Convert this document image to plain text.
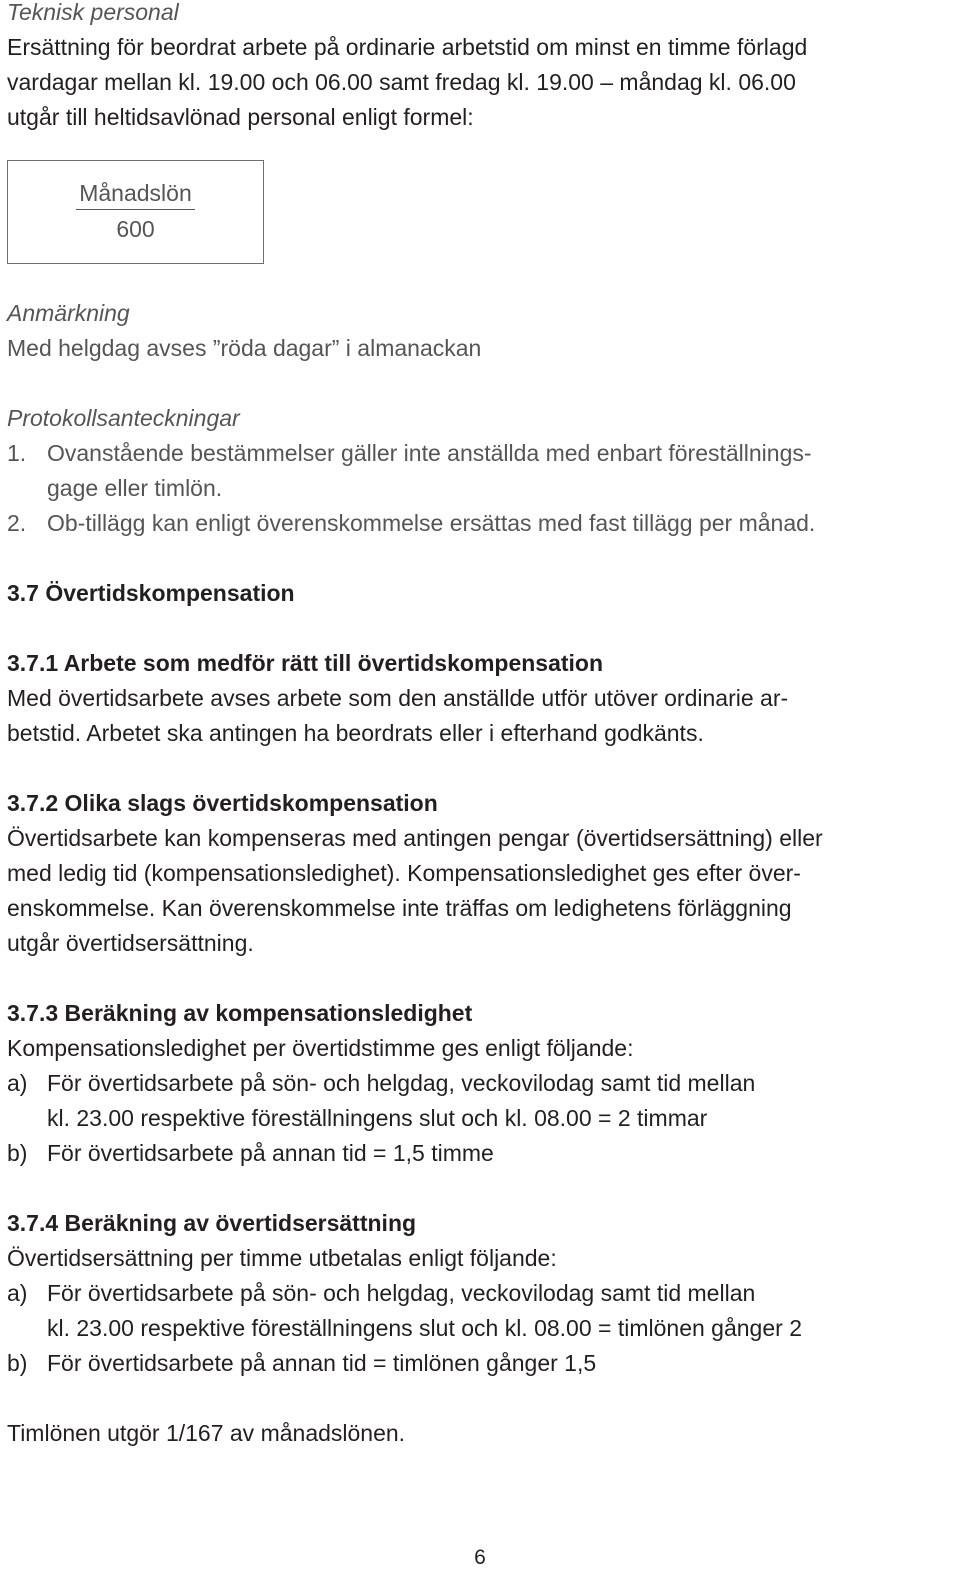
Teknisk personal

Ersättning för beordrat arbete på ordinarie arbetstid om minst en timme förlagd

vardagar mellan kl. 19.00 och 06.00 samt fredag kl. 19.00 – måndag kl. 06.00

utgår till heltidsavlönad personal enligt formel:

Månadslön
600

Anmärkning

Med helgdag avses ”röda dagar” i almanackan

Protokollsanteckningar

1. Ovanstående bestämmelser gäller inte anställda med enbart föreställnings-
gage eller timlön.
2. Ob-tillägg kan enligt överenskommelse ersättas med fast tillägg per månad.

3.7 Övertidskompensation

3.7.1 Arbete som medför rätt till övertidskompensation

Med övertidsarbete avses arbete som den anställde utför utöver ordinarie ar-

betstid. Arbetet ska antingen ha beordrats eller i efterhand godkänts.

3.7.2 Olika slags övertidskompensation

Övertidsarbete kan kompenseras med antingen pengar (övertidsersättning) eller

med ledig tid (kompensationsledighet). Kompensationsledighet ges efter över-

enskommelse. Kan överenskommelse inte träffas om ledighetens förläggning

utgår övertidsersättning.

3.7.3 Beräkning av kompensationsledighet

Kompensationsledighet per övertidstimme ges enligt följande:

a) För övertidsarbete på sön- och helgdag, veckovilodag samt tid mellan
kl. 23.00 respektive föreställningens slut och kl. 08.00 = 2 timmar
b) För övertidsarbete på annan tid = 1,5 timme

3.7.4 Beräkning av övertidsersättning

Övertidsersättning per timme utbetalas enligt följande:

a) För övertidsarbete på sön- och helgdag, veckovilodag samt tid mellan
kl. 23.00 respektive föreställningens slut och kl. 08.00 = timlönen gånger 2
b) För övertidsarbete på annan tid = timlönen gånger 1,5

Timlönen utgör 1/167 av månadslönen.

6
